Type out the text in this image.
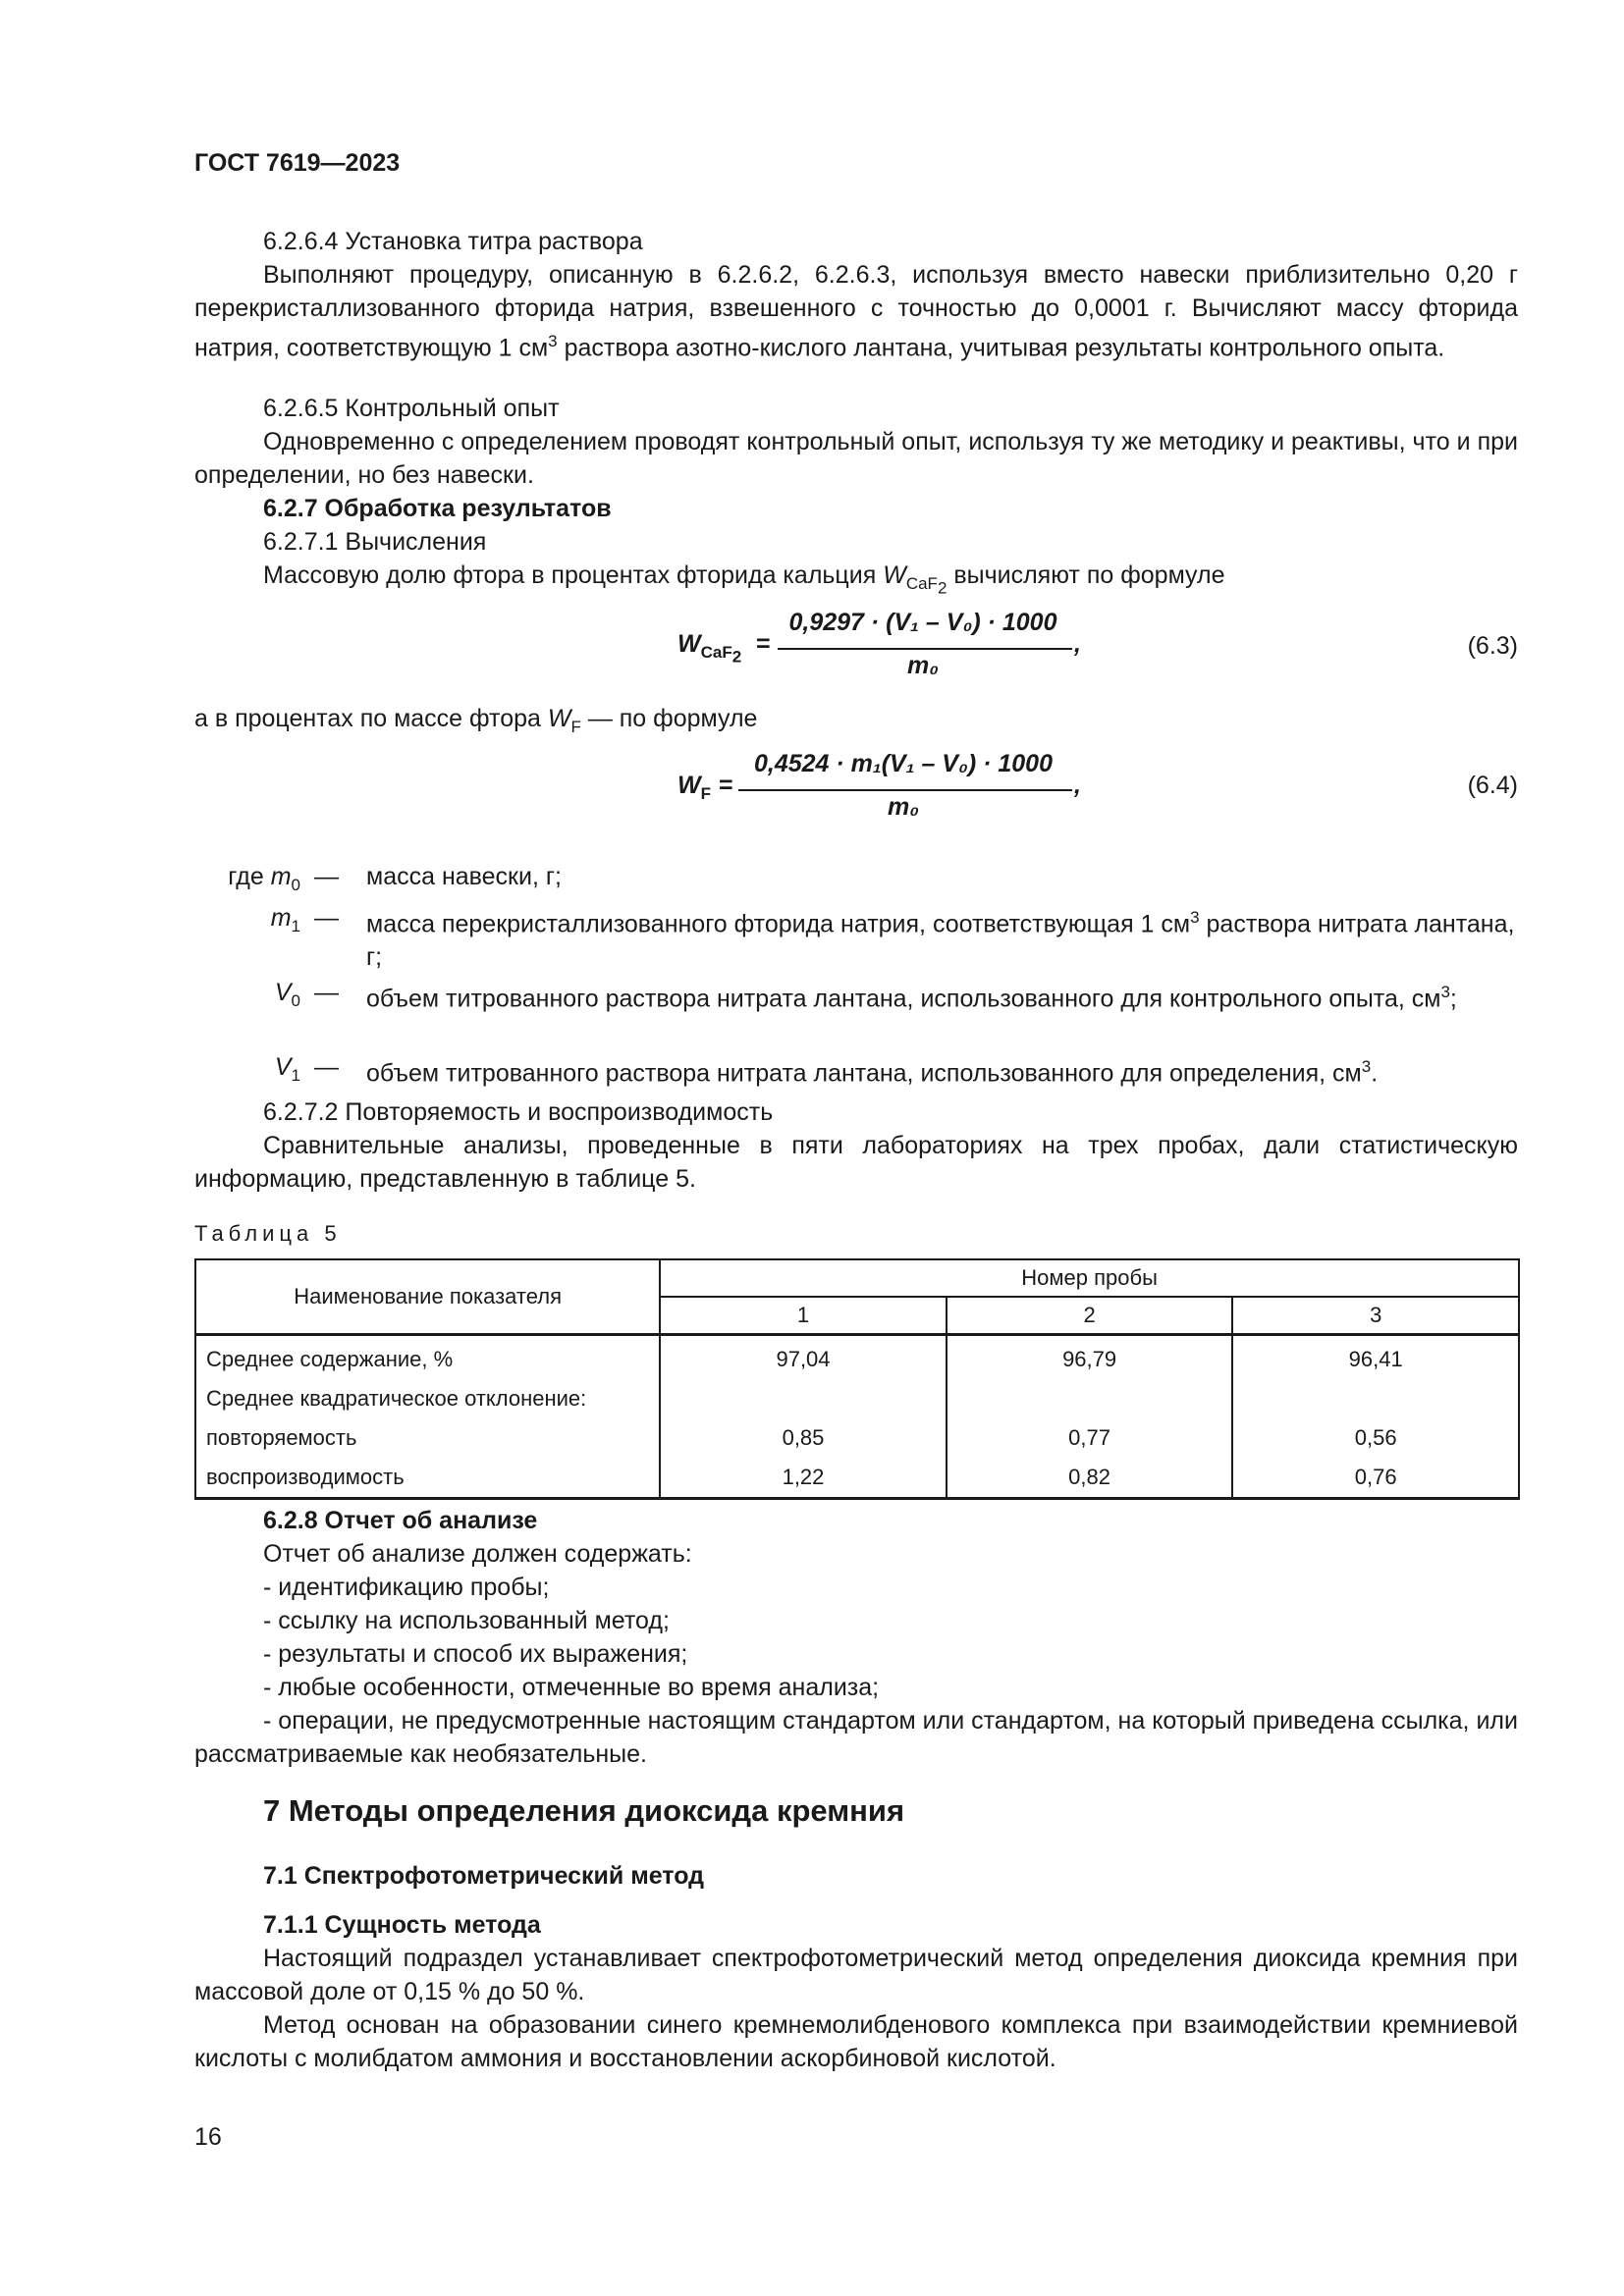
ГОСТ 7619—2023
6.2.6.4 Установка титра раствора
Выполняют процедуру, описанную в 6.2.6.2, 6.2.6.3, используя вместо навески приблизительно 0,20 г перекристаллизованного фторида натрия, взвешенного с точностью до 0,0001 г. Вычисляют массу фторида натрия, соответствующую 1 $см^3$ раствора азотно-кислого лантана, учитывая результаты контрольного опыта.
6.2.6.5 Контрольный опыт
Одновременно с определением проводят контрольный опыт, используя ту же методику и реактивы, что и при определении, но без навески.
6.2.7 Обработка результатов
6.2.7.1 Вычисления
Массовую долю фтора в процентах фторида кальция $W_{CaF_2}$ вычисляют по формуле
$W_{CaF_2}$ =
0,9297 · (V₁ – V₀) · 1000
m₀
,	(6.3)
а в процентах по массе фтора $W_F$ — по формуле
$W_F$ =
0,4524 · m₁(V₁ – V₀) · 1000
m₀
,	(6.4)
где $m_0$ — масса навески, г;
$m_1$ — масса перекристаллизованного фторида натрия, соответствующая 1 $см^3$ раствора нитрата лантана, г;
$V_0$ — объем титрованного раствора нитрата лантана, использованного для контрольного опыта, $см^3$;
$V_1$ — объем титрованного раствора нитрата лантана, использованного для определения, $см^3$.
6.2.7.2 Повторяемость и воспроизводимость
Сравнительные анализы, проведенные в пяти лабораториях на трех пробах, дали статистическую информацию, представленную в таблице 5.
Таблица 5
Наименование показателя	Номер пробы		
	1	2	3
Среднее содержание, %	97,04	96,79	96,41
Среднее квадратическое отклонение:			
повторяемость	0,85	0,77	0,56
воспроизводимость	1,22	0,82	0,76
6.2.8 Отчет об анализе
Отчет об анализе должен содержать:
- идентификацию пробы;
- ссылку на использованный метод;
- результаты и способ их выражения;
- любые особенности, отмеченные во время анализа;
- операции, не предусмотренные настоящим стандартом или стандартом, на который приведена ссылка, или рассматриваемые как необязательные.
7 Методы определения диоксида кремния
7.1 Спектрофотометрический метод
7.1.1 Сущность метода
Настоящий подраздел устанавливает спектрофотометрический метод определения диоксида кремния при массовой доле от 0,15 % до 50 %.
Метод основан на образовании синего кремнемолибденового комплекса при взаимодействии кремниевой кислоты с молибдатом аммония и восстановлении аскорбиновой кислотой.
16
